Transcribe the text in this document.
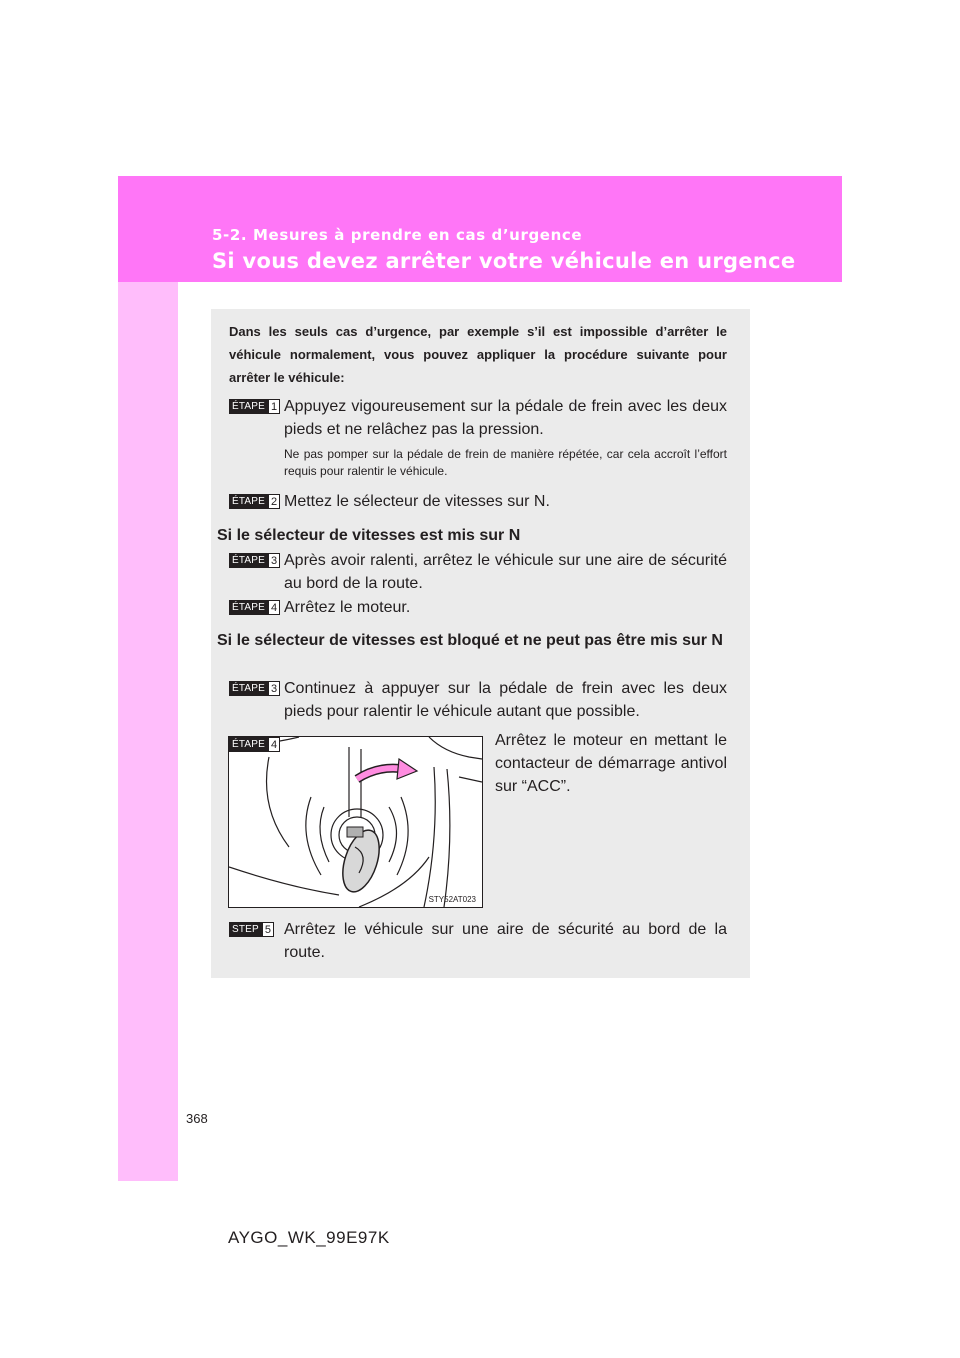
5-2. Mesures à prendre en cas d’urgence
Si vous devez arrêter votre véhicule en urgence
Dans les seuls cas d’urgence, par exemple s’il est impossible d’arrêter le véhicule normalement, vous pouvez appliquer la procédure suivante pour arrêter le véhicule:
ÉTAPE 1 Appuyez vigoureusement sur la pédale de frein avec les deux pieds et ne relâchez pas la pression.
Ne pas pomper sur la pédale de frein de manière répétée, car cela accroît l’effort requis pour ralentir le véhicule.
ÉTAPE 2 Mettez le sélecteur de vitesses sur N.
Si le sélecteur de vitesses est mis sur N
ÉTAPE 3 Après avoir ralenti, arrêtez le véhicule sur une aire de sécurité au bord de la route.
ÉTAPE 4 Arrêtez le moteur.
Si le sélecteur de vitesses est bloqué et ne peut pas être mis sur N
ÉTAPE 3 Continuez à appuyer sur la pédale de frein avec les deux pieds pour ralentir le véhicule autant que possible.
STY52AT023
ÉTAPE 4	Arrêtez le moteur en mettant le contacteur de démarrage antivol sur “ACC”.
STEP 5 Arrêtez le véhicule sur une aire de sécurité au bord de la route.
368
AYGO_WK_99E97K
